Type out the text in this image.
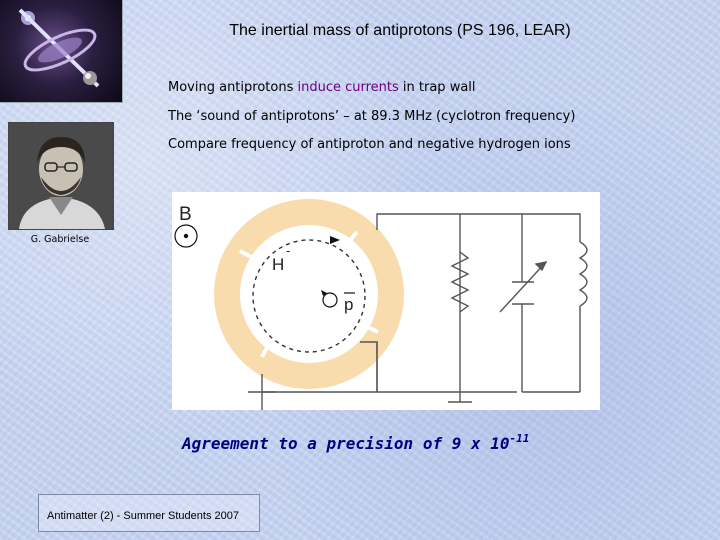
The inertial mass of antiprotons (PS 196, LEAR)
Moving antiprotons induce currents in trap wall
The ‘sound of antiprotons’ – at 89.3 MHz (cyclotron frequency)
Compare frequency of antiproton and negative hydrogen ions
G. Gabrielse
B
H
-
p
Agreement to a precision of 9 x $10^{-11}$
Antimatter (2) - Summer Students 2007
